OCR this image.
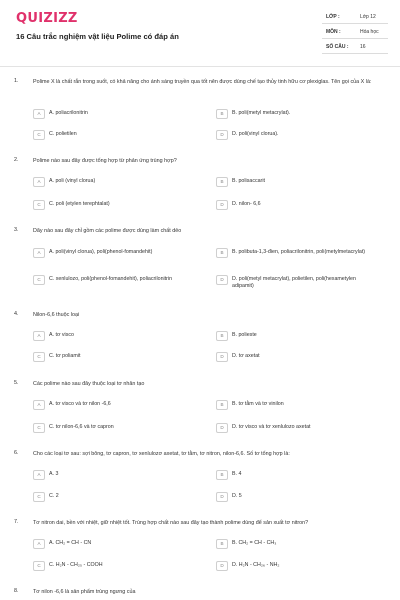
QUIZIZZ
16 Câu trắc nghiệm vật liệu Polime có đáp án
LỚP :	Lớp 12
MÔN :	Hóa học
SỐ CÂU : 16
1.	Polime X là chất rắn trong suốt, có khả năng cho ánh sáng truyền qua tốt nên được dùng chế tạo thủy tinh hữu cơ plexiglas. Tên gọi của X là:
A	A. poliacrilonitrin	B	B. poli(metyl metacrylat).
C	C. polietilen	D	D. poli(vinyl clorua).
2.	Polime nào sau đây được tổng hợp từ phản ứng trùng hợp?
A	A. poli (vinyl clorua)	B	B. polisaccarit
C	C. poli (etylen terephtalat)	D	D. nilon- 6,6
3.	Dãy nào sau đây chỉ gồm các polime được dùng làm chất dẻo
A	A. poli(vinyl clorua), poli(phenol-fomandehit)	B	B. polibuta-1,3-đien, poliacrilonitrin, poli(metylmetacrylat)
C	C. xenlulozo, poli(phenol-fomandehit), poliacrilonitrin	D	D. poli(metyl metacrylat), polietilen, poli(hexametylen adipamit)
4.	Nilon-6,6 thuộc loại
A	A. tơ visco	B	B. polieste
C	C. tơ poliamit	D	D. tơ axetat
5.	Các polime nào sau đây thuộc loại tơ nhân tạo
A	A. tơ visco và tơ nilon -6,6	B	B. tơ tằm và tơ vinilon
C	C. tơ nilon-6,6 và tơ capron	D	D. tơ visco và tơ xenlulozo axetat
6.	Cho các loại tơ sau: sợi bông, tơ capron, tơ xenlulozơ axetat, tơ tằm, tơ nitron, nilon-6,6. Số tơ tổng hợp là:
A	A. 3	B	B. 4
C	C. 2	D	D. 5
7.	Tơ nitron dai, bền với nhiệt, giữ nhiệt tốt. Trùng hợp chất nào sau đây tạo thành polime dùng để sản xuất tơ nitron?
A	A. CH₂ = CH - CN	B	B. CH₂ = CH - CH₃
C	C. H₂N - CH₂₅ - COOH	D	D. H₂N - CH₂₆ - NH₂
8.	Tơ nilon -6,6 là sản phẩm trùng ngưng của
